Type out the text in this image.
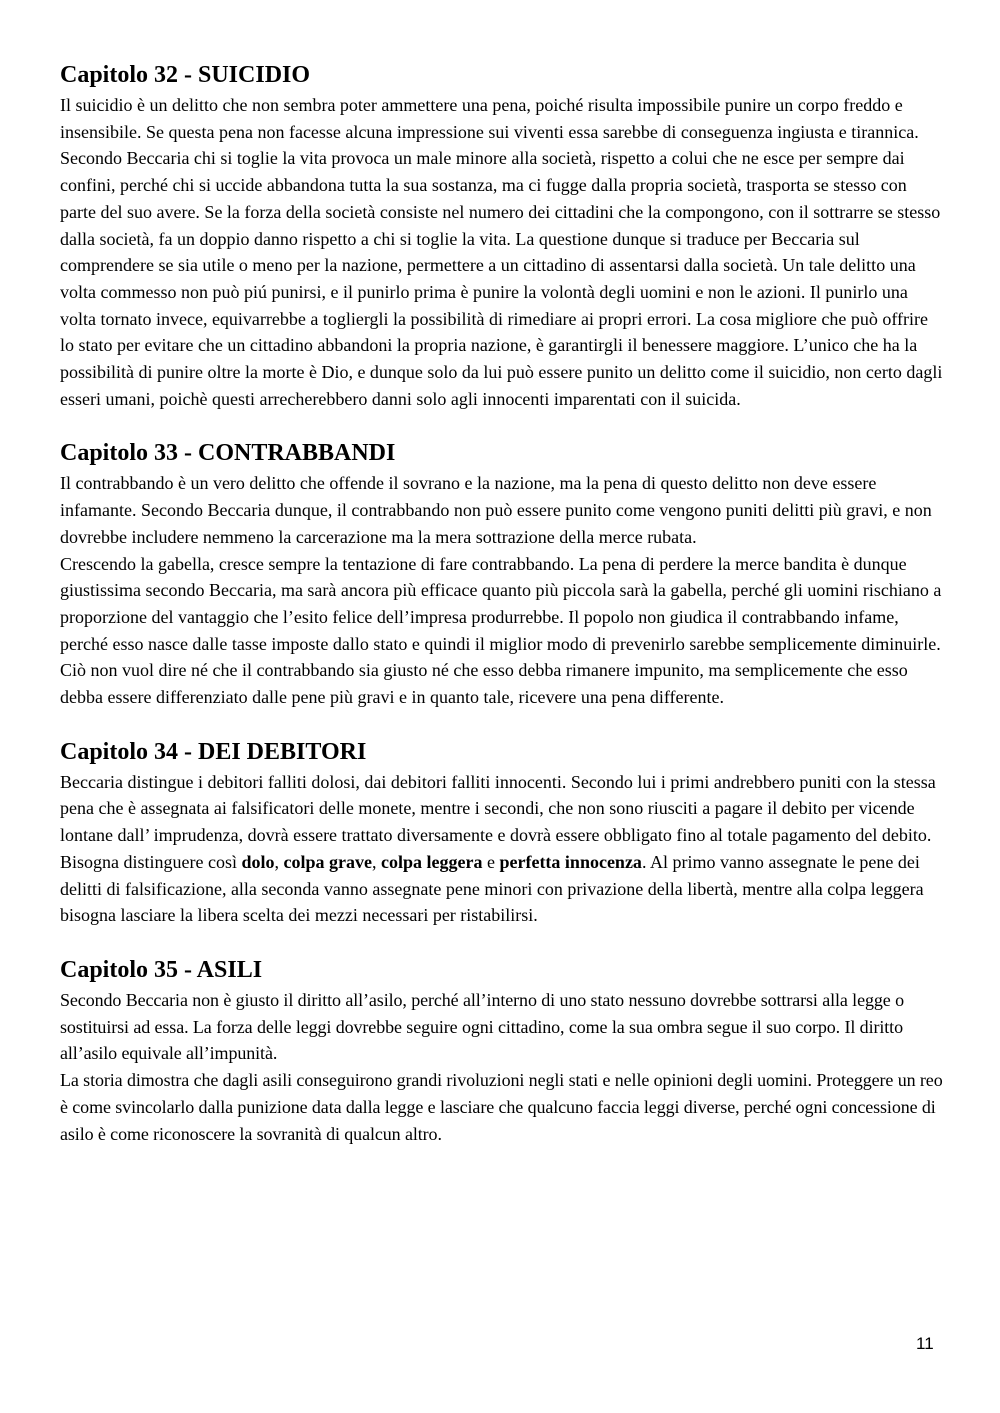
Capitolo 32 - SUICIDIO

Il suicidio è un delitto che non sembra poter ammettere una pena, poiché risulta impossibile punire un corpo freddo e insensibile. Se questa pena non facesse alcuna impressione sui viventi essa sarebbe di conseguenza ingiusta e tirannica.

Secondo Beccaria chi si toglie la vita provoca un male minore alla società, rispetto a colui che ne esce per sempre dai confini, perché chi si uccide abbandona tutta la sua sostanza, ma ci fugge dalla propria società, trasporta se stesso con parte del suo avere. Se la forza della società consiste nel numero dei cittadini che la compongono, con il sottrarre se stesso dalla società, fa un doppio danno rispetto a chi si toglie la vita. La questione dunque si traduce per Beccaria sul comprendere se sia utile o meno per la nazione, permettere a un cittadino di assentarsi dalla società. Un tale delitto una volta commesso non può piú punirsi, e il punirlo prima è punire la volontà degli uomini e non le azioni. Il punirlo una volta tornato invece, equivarrebbe a togliergli la possibilità di rimediare ai propri errori. La cosa migliore che può offrire lo stato per evitare che un cittadino abbandoni la propria nazione, è garantirgli il benessere maggiore. L’unico che ha la possibilità di punire oltre la morte è Dio, e dunque solo da lui può essere punito un delitto come il suicidio, non certo dagli esseri umani, poichè questi arrecherebbero danni solo agli innocenti imparentati con il suicida.

Capitolo 33 - CONTRABBANDI

Il contrabbando è un vero delitto che offende il sovrano e la nazione, ma la pena di questo delitto non deve essere infamante. Secondo Beccaria dunque, il contrabbando non può essere punito come vengono puniti delitti più gravi, e non dovrebbe includere nemmeno la carcerazione ma la mera sottrazione della merce rubata.

Crescendo la gabella, cresce sempre la tentazione di fare contrabbando. La pena di perdere la merce bandita è dunque giustissima secondo Beccaria, ma sarà ancora più efficace quanto più piccola sarà la gabella, perché gli uomini rischiano a proporzione del vantaggio che l’esito felice dell’impresa produrrebbe. Il popolo non giudica il contrabbando infame, perché esso nasce dalle tasse imposte dallo stato e quindi il miglior modo di prevenirlo sarebbe semplicemente diminuirle. Ciò non vuol dire né che il contrabbando sia giusto né che esso debba rimanere impunito, ma semplicemente che esso debba essere differenziato dalle pene più gravi e in quanto tale, ricevere una pena differente.

Capitolo 34 - DEI DEBITORI

Beccaria distingue i debitori falliti dolosi, dai debitori falliti innocenti. Secondo lui i primi andrebbero puniti con la stessa pena che è assegnata ai falsificatori delle monete, mentre i secondi, che non sono riusciti a pagare il debito per vicende lontane dall’ imprudenza, dovrà essere trattato diversamente e dovrà essere obbligato fino al totale pagamento del debito. Bisogna distinguere così dolo, colpa grave, colpa leggera e perfetta innocenza. Al primo vanno assegnate le pene dei delitti di falsificazione, alla seconda vanno assegnate pene minori con privazione della libertà, mentre alla colpa leggera bisogna lasciare la libera scelta dei mezzi necessari per ristabilirsi.

Capitolo 35 - ASILI

Secondo Beccaria non è giusto il diritto all’asilo, perché all’interno di uno stato nessuno dovrebbe sottrarsi alla legge o sostituirsi ad essa. La forza delle leggi dovrebbe seguire ogni cittadino, come la sua ombra segue il suo corpo. Il diritto all’asilo equivale all’impunità.

La storia dimostra che dagli asili conseguirono grandi rivoluzioni negli stati e nelle opinioni degli uomini. Proteggere un reo è come svincolarlo dalla punizione data dalla legge e lasciare che qualcuno faccia leggi diverse, perché ogni concessione di asilo è come riconoscere la sovranità di qualcun altro.

11
